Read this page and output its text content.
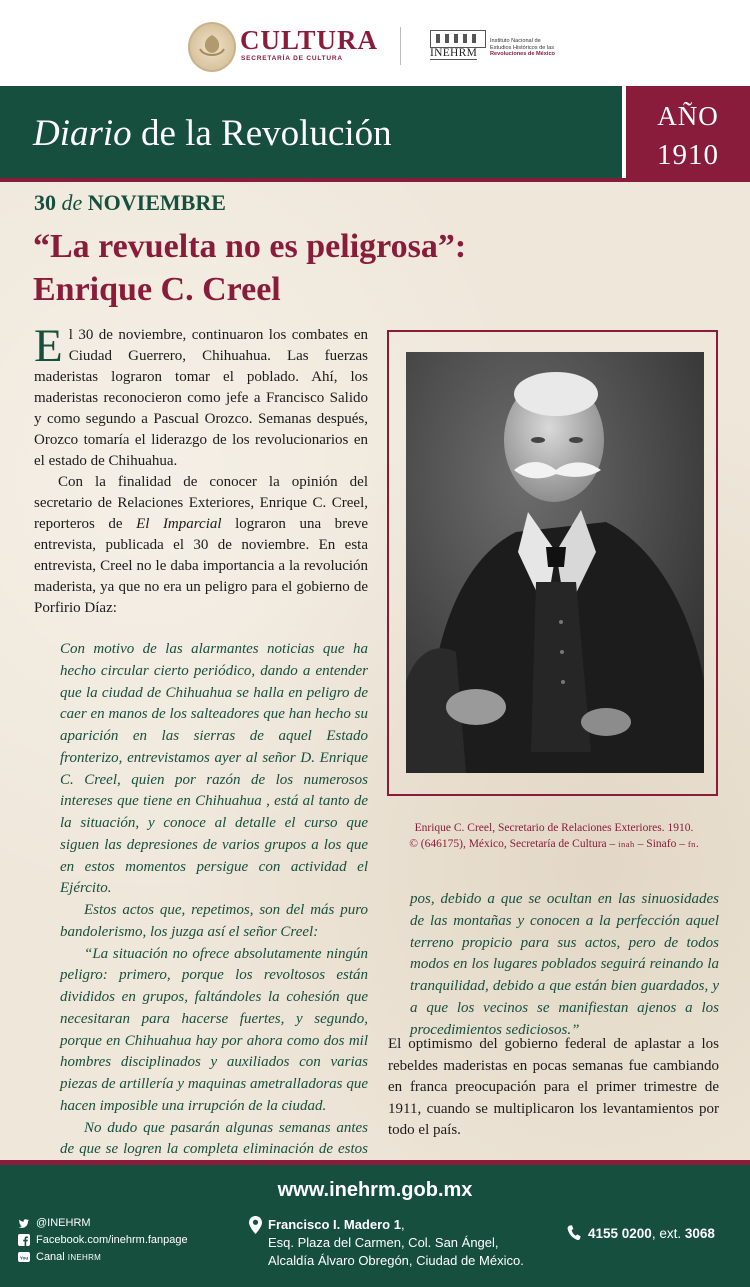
CULTURA
SECRETARÍA DE CULTURA	INEHRM
Instituto Nacional de
Estudios Históricos de las
Revoluciones de México
Diario de la Revolución	AÑO
1910
30 de NOVIEMBRE
“La revuelta no es peligrosa”:
Enrique C. Creel

El 30 de noviembre, continuaron los combates en Ciudad Guerrero, Chihuahua. Las fuerzas maderistas lograron tomar el poblado. Ahí, los maderistas reconocieron como jefe a Francisco Salido y como segundo a Pascual Orozco. Semanas después, Orozco tomaría el liderazgo de los revolucionarios en el estado de Chihuahua.

Con la finalidad de conocer la opinión del secretario de Relaciones Exteriores, Enrique C. Creel, reporteros de El Imparcial lograron una breve entrevista, publicada el 30 de noviembre. En esta entrevista, Creel no le daba importancia a la revolución maderista, ya que no era un peligro para el gobierno de Porfirio Díaz:

Con motivo de las alarmantes noticias que ha hecho circular cierto periódico, dando a entender que la ciudad de Chihuahua se halla en peligro de caer en manos de los salteadores que han hecho su aparición en las sierras de aquel Estado fronterizo, entrevistamos ayer al señor D. Enrique C. Creel, quien por razón de los numerosos intereses que tiene en Chihuahua , está al tanto de la situación, y conoce al detalle el curso que siguen las depresiones de varios grupos a los que en estos momentos persigue con actividad el Ejército.

Estos actos que, repetimos, son del más puro bandolerismo, los juzga así el señor Creel:

“La situación no ofrece absolutamente ningún peligro: primero, porque los revoltosos están divididos en grupos, faltándoles la cohesión que necesitaran para hacerse fuertes, y segundo, porque en Chihuahua hay por ahora como dos mil hombres disciplinados y auxiliados con varias piezas de artillería y maquinas ametralladoras que hacen imposible una irrupción de la ciudad.

No dudo que pasarán algunas semanas antes de que se logren la completa eliminación de estos

Enrique C. Creel, Secretario de Relaciones Exteriores. 1910.
© (646175), México, Secretaría de Cultura – inah – Sinafo – fn.

pos, debido a que se ocultan en las sinuosidades de las montañas y conocen a la perfección aquel terreno propicio para sus actos, pero de todos modos en los lugares poblados seguirá reinando la tranquilidad, debido a que están bien guardados, y a que los vecinos se manifiestan ajenos a los procedimientos sediciosos.”

El optimismo del gobierno federal de aplastar a los rebeldes maderistas en pocas semanas fue cambiando en franca preocupación para el primer trimestre de 1911, cuando se multiplicaron los levantamientos por todo el país.

www.inehrm.gob.mx
@INEHRM
Facebook.com/inehrm.fanpage
You Canal INEHRM
Francisco I. Madero 1,
Esq. Plaza del Carmen, Col. San Ángel,
Alcaldía Álvaro Obregón, Ciudad de México.
4155 0200, ext. 3068
